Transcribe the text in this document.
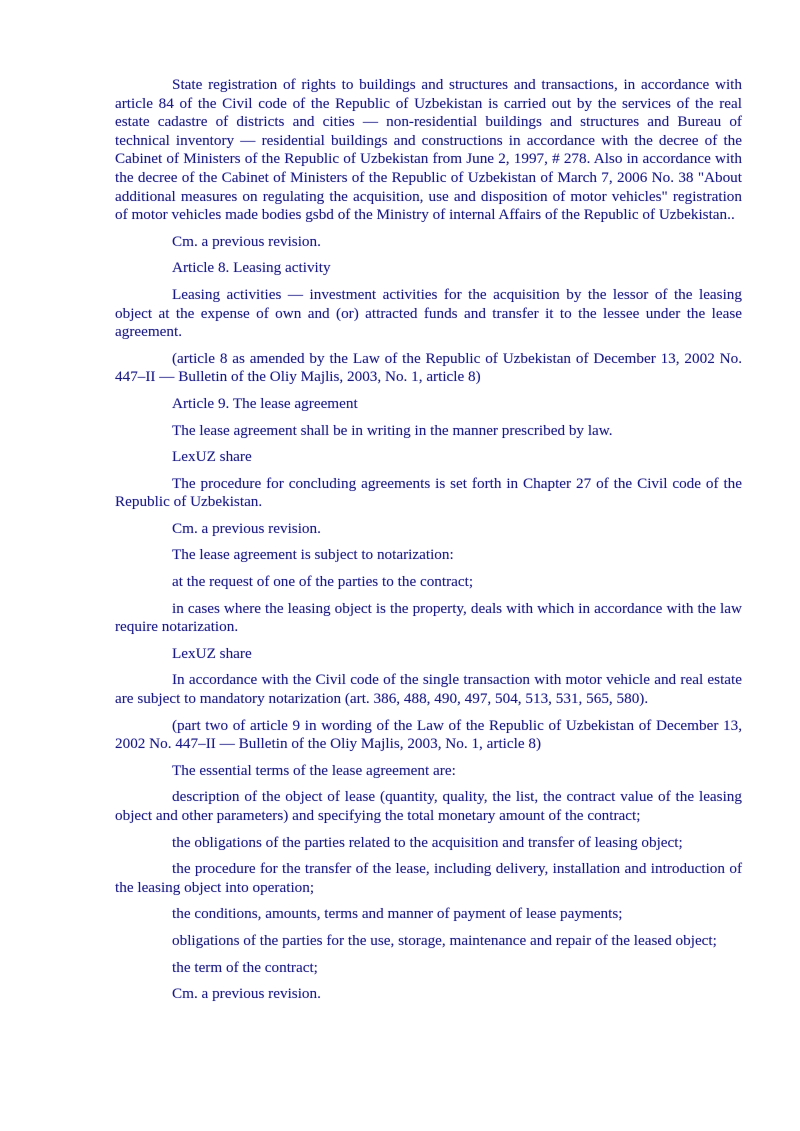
State registration of rights to buildings and structures and transactions, in accordance with article 84 of the Civil code of the Republic of Uzbekistan is carried out by the services of the real estate cadastre of districts and cities — non-residential buildings and structures and Bureau of technical inventory — residential buildings and constructions in accordance with the decree of the Cabinet of Ministers of the Republic of Uzbekistan from June 2, 1997, # 278. Also in accordance with the decree of the Cabinet of Ministers of the Republic of Uzbekistan of March 7, 2006 No. 38 "About additional measures on regulating the acquisition, use and disposition of motor vehicles" registration of motor vehicles made bodies gsbd of the Ministry of internal Affairs of the Republic of Uzbekistan..

Cm. a previous revision.

Article 8. Leasing activity

Leasing activities — investment activities for the acquisition by the lessor of the leasing object at the expense of own and (or) attracted funds and transfer it to the lessee under the lease agreement.

(article 8 as amended by the Law of the Republic of Uzbekistan of December 13, 2002 No. 447–II — Bulletin of the Oliy Majlis, 2003, No. 1, article 8)

Article 9. The lease agreement

The lease agreement shall be in writing in the manner prescribed by law.

LexUZ share

The procedure for concluding agreements is set forth in Chapter 27 of the Civil code of the Republic of Uzbekistan.

Cm. a previous revision.

The lease agreement is subject to notarization:

at the request of one of the parties to the contract;

in cases where the leasing object is the property, deals with which in accordance with the law require notarization.

LexUZ share

In accordance with the Civil code of the single transaction with motor vehicle and real estate are subject to mandatory notarization (art. 386, 488, 490, 497, 504, 513, 531, 565, 580).

(part two of article 9 in wording of the Law of the Republic of Uzbekistan of December 13, 2002 No. 447–II — Bulletin of the Oliy Majlis, 2003, No. 1, article 8)

The essential terms of the lease agreement are:

description of the object of lease (quantity, quality, the list, the contract value of the leasing object and other parameters) and specifying the total monetary amount of the contract;

the obligations of the parties related to the acquisition and transfer of leasing object;

the procedure for the transfer of the lease, including delivery, installation and introduction of the leasing object into operation;

the conditions, amounts, terms and manner of payment of lease payments;

obligations of the parties for the use, storage, maintenance and repair of the leased object;

the term of the contract;

Cm. a previous revision.
